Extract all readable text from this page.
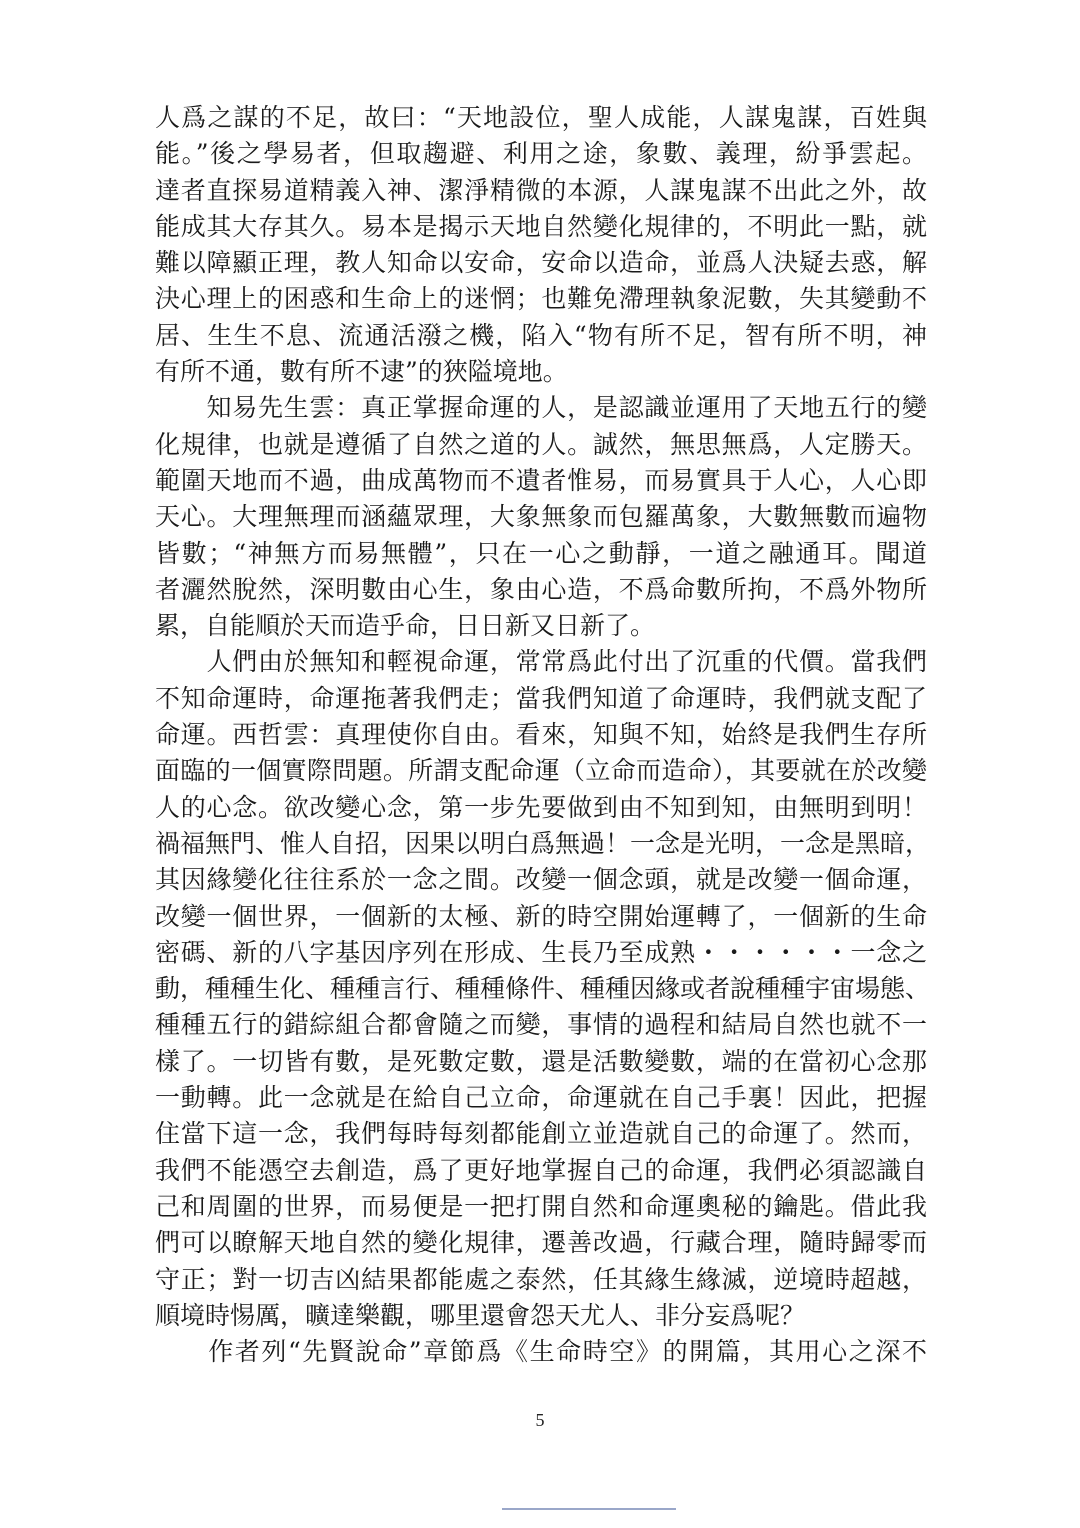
人爲之謀的不足，故曰：“天地設位，聖人成能，人謀鬼謀，百姓與
能。”後之學易者，但取趨避、利用之途，象數、義理，紛爭雲起。
達者直探易道精義入神、潔淨精微的本源，人謀鬼謀不出此之外，故
能成其大存其久。易本是揭示天地自然變化規律的，不明此一點，就
難以障顯正理，教人知命以安命，安命以造命，並爲人決疑去惑，解
決心理上的困惑和生命上的迷惘；也難免滯理執象泥數，失其變動不
居、生生不息、流通活潑之機，陷入“物有所不足，智有所不明，神
有所不通，數有所不逮”的狹隘境地。
　　知易先生雲：真正掌握命運的人，是認識並運用了天地五行的變
化規律，也就是遵循了自然之道的人。誠然，無思無爲，人定勝天。
範圍天地而不過，曲成萬物而不遺者惟易，而易實具于人心，人心即
天心。大理無理而涵蘊眾理，大象無象而包羅萬象，大數無數而遍物
皆數；“神無方而易無體”，只在一心之動靜，一道之融通耳。聞道
者灑然脫然，深明數由心生，象由心造，不爲命數所拘，不爲外物所
累，自能順於天而造乎命，日日新又日新了。
　　人們由於無知和輕視命運，常常爲此付出了沉重的代價。當我們
不知命運時，命運拖著我們走；當我們知道了命運時，我們就支配了
命運。西哲雲：真理使你自由。看來，知與不知，始終是我們生存所
面臨的一個實際問題。所謂支配命運（立命而造命），其要就在於改變
人的心念。欲改變心念，第一步先要做到由不知到知，由無明到明！
禍福無門、惟人自招，因果以明白爲無過！一念是光明，一念是黑暗，
其因緣變化往往系於一念之間。改變一個念頭，就是改變一個命運，
改變一個世界，一個新的太極、新的時空開始運轉了，一個新的生命
密碼、新的八字基因序列在形成、生長乃至成熟・・・・・・一念之
動，種種生化、種種言行、種種條件、種種因緣或者說種種宇宙場態、
種種五行的錯綜組合都會隨之而變，事情的過程和結局自然也就不一
樣了。一切皆有數，是死數定數，還是活數變數，端的在當初心念那
一動轉。此一念就是在給自己立命，命運就在自己手裏！因此，把握
住當下這一念，我們每時每刻都能創立並造就自己的命運了。然而，
我們不能憑空去創造，爲了更好地掌握自己的命運，我們必須認識自
己和周圍的世界，而易便是一把打開自然和命運奧秘的鑰匙。借此我
們可以瞭解天地自然的變化規律，遷善改過，行藏合理，隨時歸零而
守正；對一切吉凶結果都能處之泰然，任其緣生緣滅，逆境時超越，
順境時惕厲，曠達樂觀，哪里還會怨天尤人、非分妄爲呢？
　　作者列“先賢說命”章節爲《生命時空》的開篇，其用心之深不
5
